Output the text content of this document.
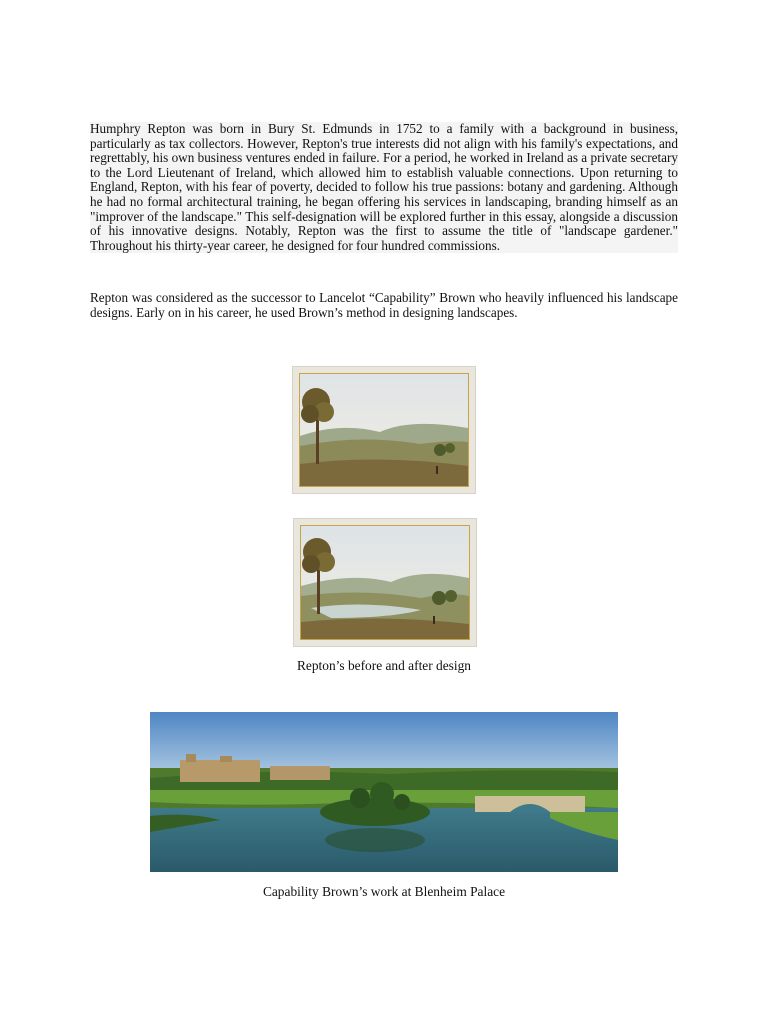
Humphry Repton was born in Bury St. Edmunds in 1752 to a family with a background in business, particularly as tax collectors. However, Repton's true interests did not align with his family's expectations, and regrettably, his own business ventures ended in failure. For a period, he worked in Ireland as a private secretary to the Lord Lieutenant of Ireland, which allowed him to establish valuable connections. Upon returning to England, Repton, with his fear of poverty, decided to follow his true passions: botany and gardening. Although he had no formal architectural training, he began offering his services in landscaping, branding himself as an "improver of the landscape." This self-designation will be explored further in this essay, alongside a discussion of his innovative designs. Notably, Repton was the first to assume the title of "landscape gardener." Throughout his thirty-year career, he designed for four hundred commissions.

Repton was considered as the successor to Lancelot “Capability” Brown who heavily influenced his landscape designs. Early on in his career, he used Brown’s method in designing landscapes.

Repton’s before and after design

Capability Brown’s work at Blenheim Palace
